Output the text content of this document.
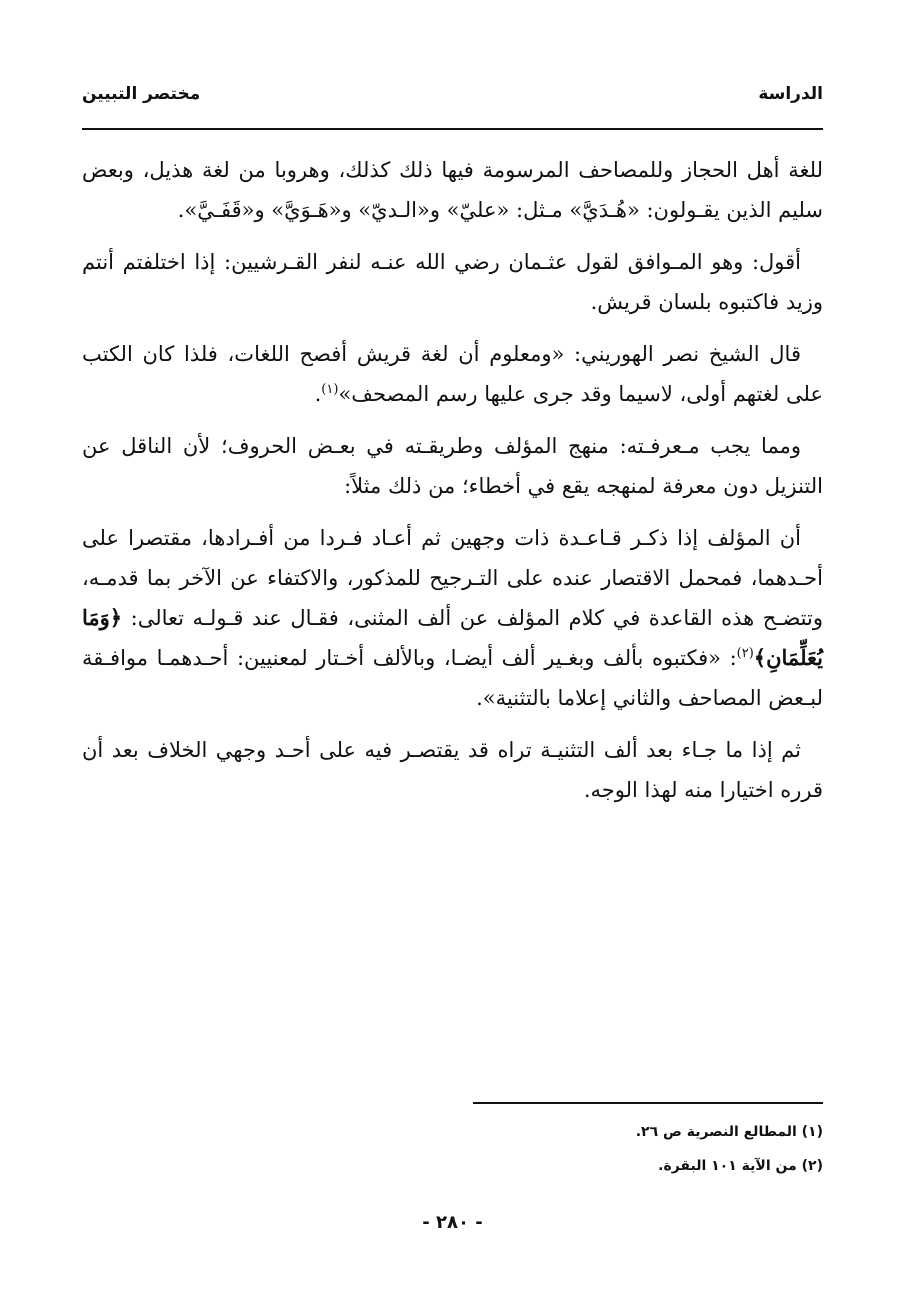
الدراسة
مختصر التبيين

للغة أهل الحجاز وللمصاحف المرسومة فيها ذلك كذلك، وهروبا من لغة هذيل، وبعض سليم الذين يقـولون: «هُـدَيَّ» مـثل: «عليّ» و«الـديّ» و«هَـوَيَّ» و«قَفَـيَّ».

أقول: وهو المـوافق لقول عثـمان رضي الله عنـه لنفر القـرشيين: إذا اختلفتم أنتم وزيد فاكتبوه بلسان قريش.

قال الشيخ نصر الهوريني: «ومعلوم أن لغة قريش أفصح اللغات، فلذا كان الكتب على لغتهم أولى، لاسيما وقد جرى عليها رسم المصحف»$^{(١)}$.

ومما يجب مـعرفـته: منهج المؤلف وطريقـته في بعـض الحروف؛ لأن الناقل عن التنزيل دون معرفة لمنهجه يقع في أخطاء؛ من ذلك مثلاً:

أن المؤلف إذا ذكـر قـاعـدة ذات وجهين ثم أعـاد فـردا من أفـرادها، مقتصرا على أحـدهما، فمحمل الاقتصار عنده على التـرجيح للمذكور، والاكتفاء عن الآخر بما قدمـه، وتتضـح هذه القاعدة في كلام المؤلف عن ألف المثنى، فقـال عند قـولـه تعالى: ﴿وَمَا يُعَلِّمَانِ﴾$^{(٢)}$: «فكتبوه بألف وبغـير ألف أيضـا، وبالألف أخـتار لمعنيين: أحـدهمـا موافـقة لبـعض المصاحف والثاني إعلاما بالتثنية».

ثم إذا ما جـاء بعد ألف التثنيـة تراه قد يقتصـر فيه على أحـد وجهي الخلاف بعد أن قرره اختيارا منه لهذا الوجه.

(١) المطالع النصرية ص ٢٦.
(٢) من الآية ١٠١ البقرة.
- ٢٨٠ -
